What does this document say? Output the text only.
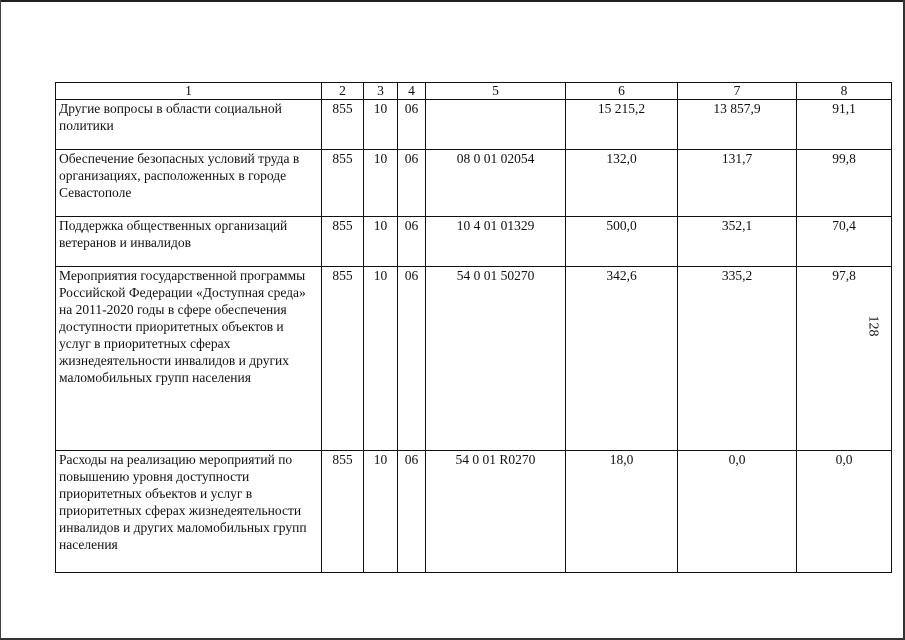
1	2	3	4	5	6	7	8
Другие вопросы в области социальной политики	855	10	06		15 215,2	13 857,9	91,1
Обеспечение безопасных условий труда в организациях, расположенных в городе Севастополе	855	10	06	08 0 01 02054	132,0	131,7	99,8
Поддержка общественных организаций ветеранов и инвалидов	855	10	06	10 4 01 01329	500,0	352,1	70,4
Мероприятия государственной программы Российской Федерации «Доступная среда» на 2011-2020 годы в сфере обеспечения доступности приоритетных объектов и услуг в приоритетных сферах жизнедеятельности инвалидов и других маломобильных групп населения	855	10	06	54 0 01 50270	342,6	335,2	97,8
Расходы на реализацию мероприятий по повышению уровня доступности приоритетных объектов и услуг в приоритетных сферах жизнедеятельности инвалидов и других маломобильных групп населения	855	10	06	54 0 01 R0270	18,0	0,0	0,0
128
